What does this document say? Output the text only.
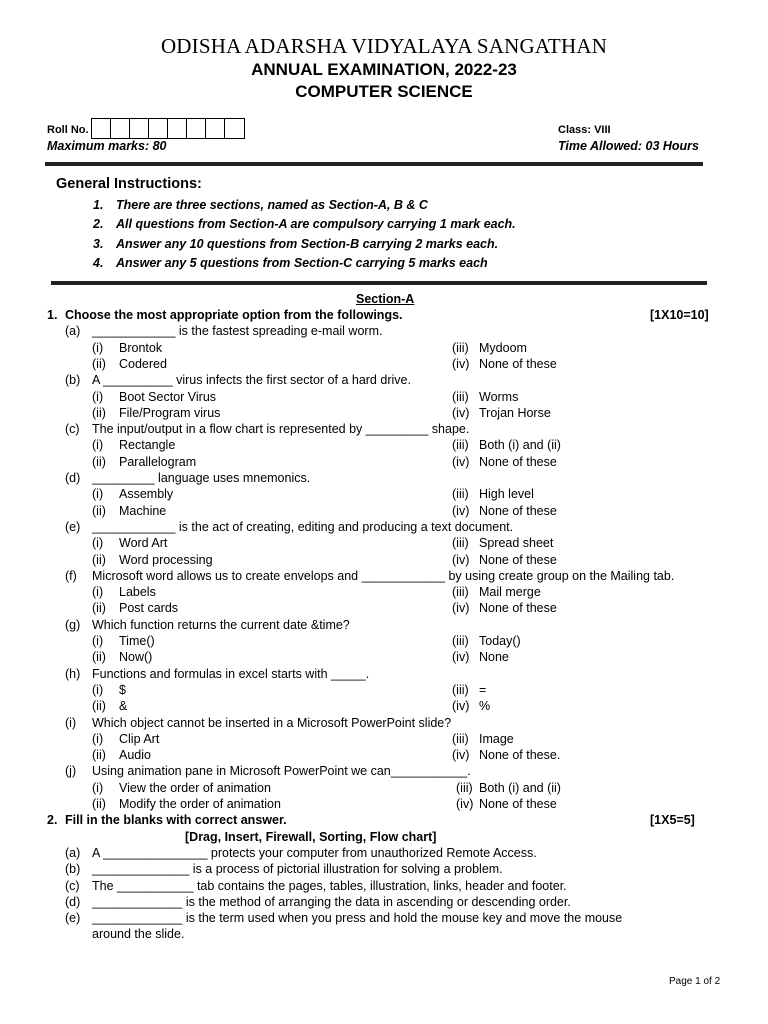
ODISHA ADARSHA VIDYALAYA SANGATHAN
ANNUAL EXAMINATION, 2022-23
COMPUTER SCIENCE
Roll No.	Class: VIII
Maximum marks: 80	Time Allowed: 03 Hours
General Instructions:
1. There are three sections, named as Section-A, B & C
2. All questions from Section-A are compulsory carrying 1 mark each.
3. Answer any 10 questions from Section-B carrying 2 marks each.
4. Answer any 5 questions from Section-C carrying 5 marks each
Section-A
1. Choose the most appropriate option from the followings.	[1X10=10]
(a) ____________ is the fastest spreading e-mail worm.
(i) Brontok	(iii) Mydoom
(ii) Codered	(iv) None of these
(b) A __________ virus infects the first sector of a hard drive.
(i) Boot Sector Virus	(iii) Worms
(ii) File/Program virus	(iv) Trojan Horse
(c) The input/output in a flow chart is represented by _________ shape.
(i) Rectangle	(iii) Both (i) and (ii)
(ii) Parallelogram	(iv) None of these
(d) _________ language uses mnemonics.
(i) Assembly	(iii) High level
(ii) Machine	(iv) None of these
(e) ____________ is the act of creating, editing and producing a text document.
(i) Word Art	(iii) Spread sheet
(ii) Word processing	(iv) None of these
(f) Microsoft word allows us to create envelops and ____________ by using create group on the Mailing tab.
(i) Labels	(iii) Mail merge
(ii) Post cards	(iv) None of these
(g) Which function returns the current date &time?
(i) Time()	(iii) Today()
(ii) Now()	(iv) None
(h) Functions and formulas in excel starts with _____.
(i) $	(iii) =
(ii) &	(iv) %
(i) Which object cannot be inserted in a Microsoft PowerPoint slide?
(i) Clip Art	(iii) Image
(ii) Audio	(iv) None of these.
(j) Using animation pane in Microsoft PowerPoint we can___________.
(i) View the order of animation	(iii) Both (i) and (ii)
(ii) Modify the order of animation	(iv) None of these
2. Fill in the blanks with correct answer.	[1X5=5]
[Drag, Insert, Firewall, Sorting, Flow chart]
(a) A _______________ protects your computer from unauthorized Remote Access.
(b) ______________ is a process of pictorial illustration for solving a problem.
(c) The ___________ tab contains the pages, tables, illustration, links, header and footer.
(d) _____________ is the method of arranging the data in ascending or descending order.
(e) _____________ is the term used when you press and hold the mouse key and move the mouse
around the slide.
Page 1 of 2
